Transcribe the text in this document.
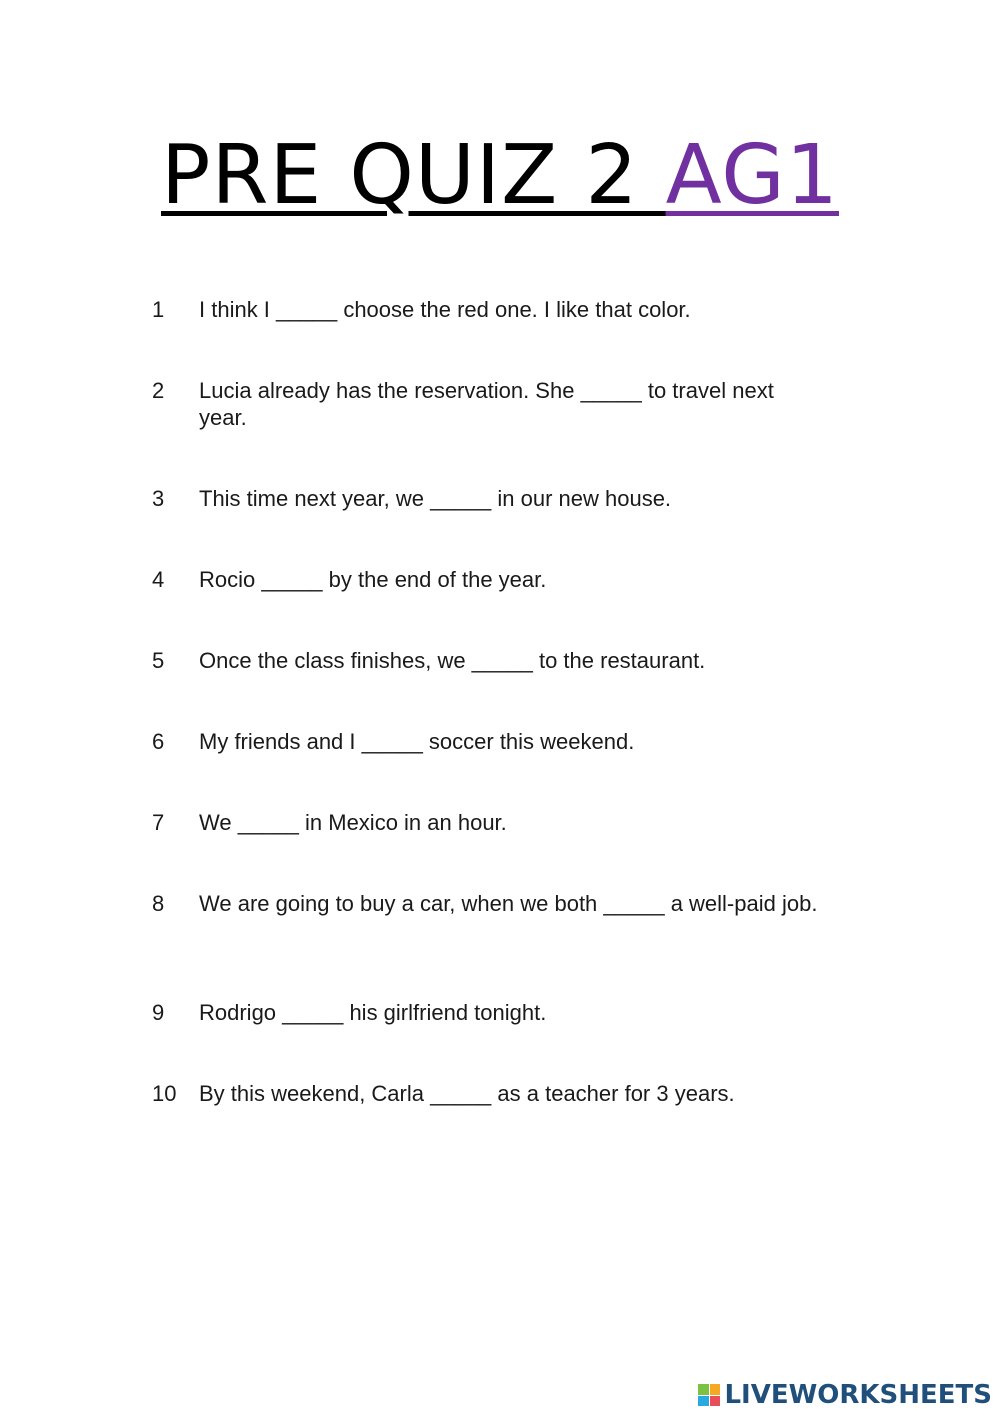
PRE QUIZ 2 AG1
1	I think I _____ choose the red one. I like that color.
2	Lucia already has the reservation. She _____ to travel next year.
3	This time next year, we _____ in our new house.
4	Rocio _____ by the end of the year.
5	Once the class finishes, we _____ to the restaurant.
6	My friends and I _____ soccer this weekend.
7	We _____ in Mexico in an hour.
8	We are going to buy a car, when we both _____ a well-paid job.
9	Rodrigo _____ his girlfriend tonight.
10	By this weekend, Carla _____ as a teacher for 3 years.
LIVEWORKSHEETS
